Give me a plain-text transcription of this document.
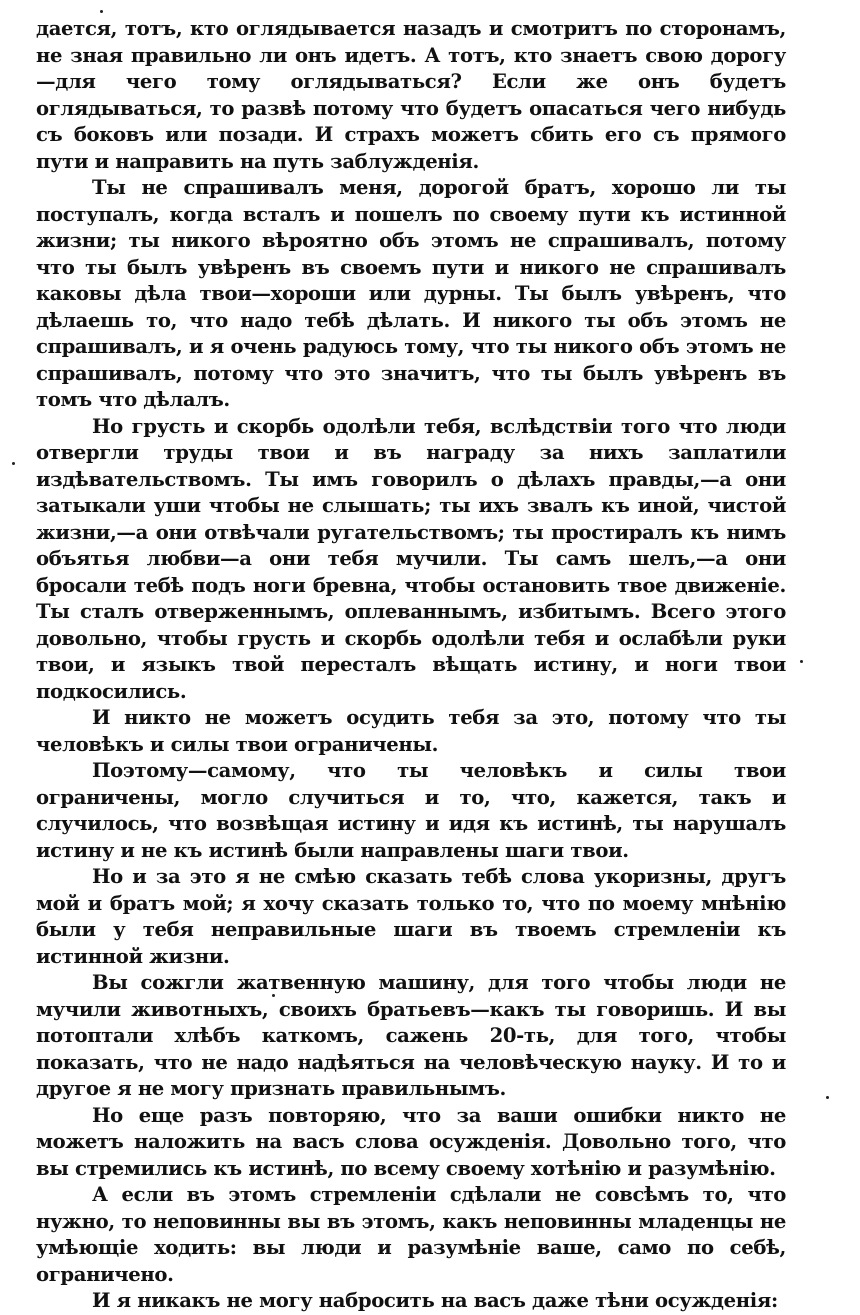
дается, тотъ, кто оглядывается назадъ и смотритъ по сторонамъ, не зная правильно ли онъ идетъ. А тотъ, кто знаетъ свою дорогу—для чего тому оглядываться? Если же онъ будетъ оглядываться, то развѣ потому что будетъ опасаться чего нибудь съ боковъ или позади. И страхъ можетъ сбить его съ прямого пути и направить на путь заблужденія.

Ты не спрашивалъ меня, дорогой братъ, хорошо ли ты поступалъ, когда всталъ и пошелъ по своему пути къ истинной жизни; ты никого вѣроятно объ этомъ не спрашивалъ, потому что ты былъ увѣренъ въ своемъ пути и никого не спрашивалъ каковы дѣла твои—хороши или дурны. Ты былъ увѣренъ, что дѣлаешь то, что надо тебѣ дѣлать. И никого ты объ этомъ не спрашивалъ, и я очень радуюсь тому, что ты никого объ этомъ не спрашивалъ, потому что это значитъ, что ты былъ увѣренъ въ томъ что дѣлалъ.

Но грусть и скорбь одолѣли тебя, вслѣдствіи того что люди отвергли труды твои и въ награду за нихъ заплатили издѣвательствомъ. Ты имъ говорилъ о дѣлахъ правды,—а они затыкали уши чтобы не слышать; ты ихъ звалъ къ иной, чистой жизни,—а они отвѣчали ругательствомъ; ты простиралъ къ нимъ объятья любви—а они тебя мучили. Ты самъ шелъ,—а они бросали тебѣ подъ ноги бревна, чтобы остановить твое движеніе. Ты сталъ отверженнымъ, оплеваннымъ, избитымъ. Всего этого довольно, чтобы грусть и скорбь одолѣли тебя и ослабѣли руки твои, и языкъ твой пересталъ вѣщать истину, и ноги твои подкосились.

И никто не можетъ осудить тебя за это, потому что ты человѣкъ и силы твои ограничены.

Поэтому—самому, что ты человѣкъ и силы твои ограничены, могло случиться и то, что, кажется, такъ и случилось, что возвѣщая истину и идя къ истинѣ, ты нарушалъ истину и не къ истинѣ были направлены шаги твои.

Но и за это я не смѣю сказать тебѣ слова укоризны, другъ мой и братъ мой; я хочу сказать только то, что по моему мнѣнію были у тебя неправильные шаги въ твоемъ стремленіи къ истинной жизни.

Вы сожгли жатвенную машину, для того чтобы люди не мучили животныхъ, своихъ братьевъ—какъ ты говоришь. И вы потоптали хлѣбъ каткомъ, сажень 20-ть, для того, чтобы показать, что не надо надѣяться на человѣческую науку. И то и другое я не могу признать правильнымъ.

Но еще разъ повторяю, что за ваши ошибки никто не можетъ наложить на васъ слова осужденія. Довольно того, что вы стремились къ истинѣ, по всему своему хотѣнію и разумѣнію.

А если въ этомъ стремленіи сдѣлали не совсѣмъ то, что нужно, то неповинны вы въ этомъ, какъ неповинны младенцы не умѣющіе ходить: вы люди и разумѣніе ваше, само по себѣ, ограничено.

И я никакъ не могу набросить на васъ даже тѣни осужденія:
